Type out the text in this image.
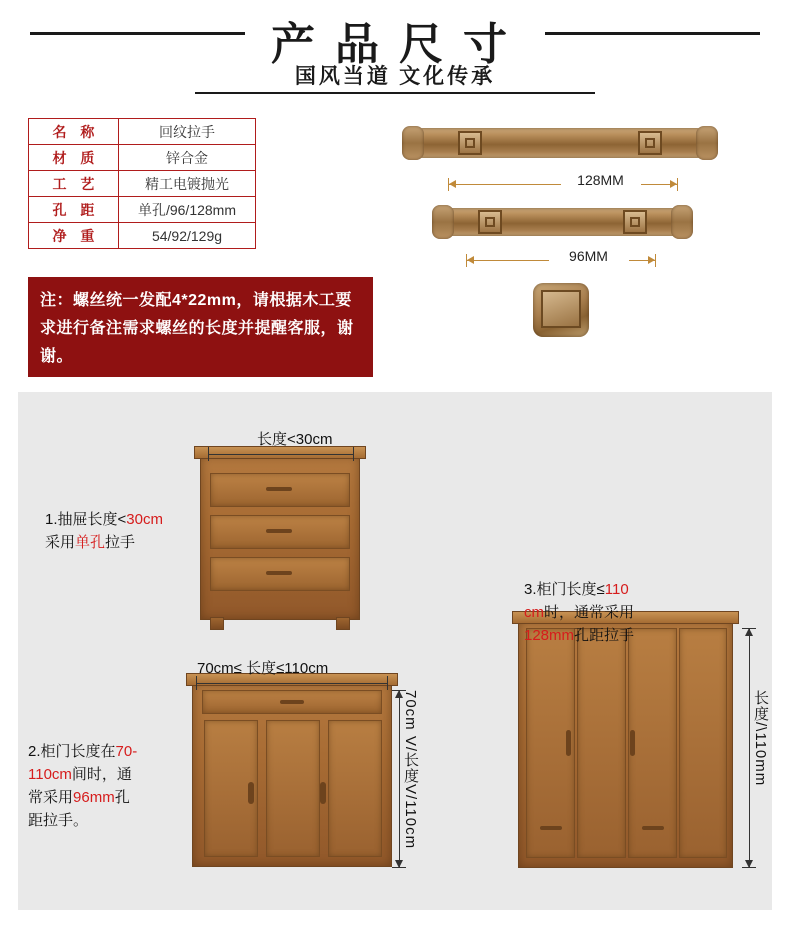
产 品 尺 寸
国风当道 文化传承
名 称	回纹拉手
材 质	锌合金
工 艺	精工电镀抛光
孔 距	单孔/96/128mm
净 重	54/92/129g
注：螺丝统一发配4*22mm，请根据木工要求进行备注需求螺丝的长度并提醒客服，谢谢。
128MM
96MM
长度<30cm
1.抽屉长度<30cm
采用单孔拉手
70cm≤ 长度≤110cm
70cm V/长度V/110cm
2.柜门长度在70-
110cm间时，通
常采用96mm孔
距拉手。
长度/\110mm
3.柜门长度≤110
cm时，通常采用
128mm孔距拉手
